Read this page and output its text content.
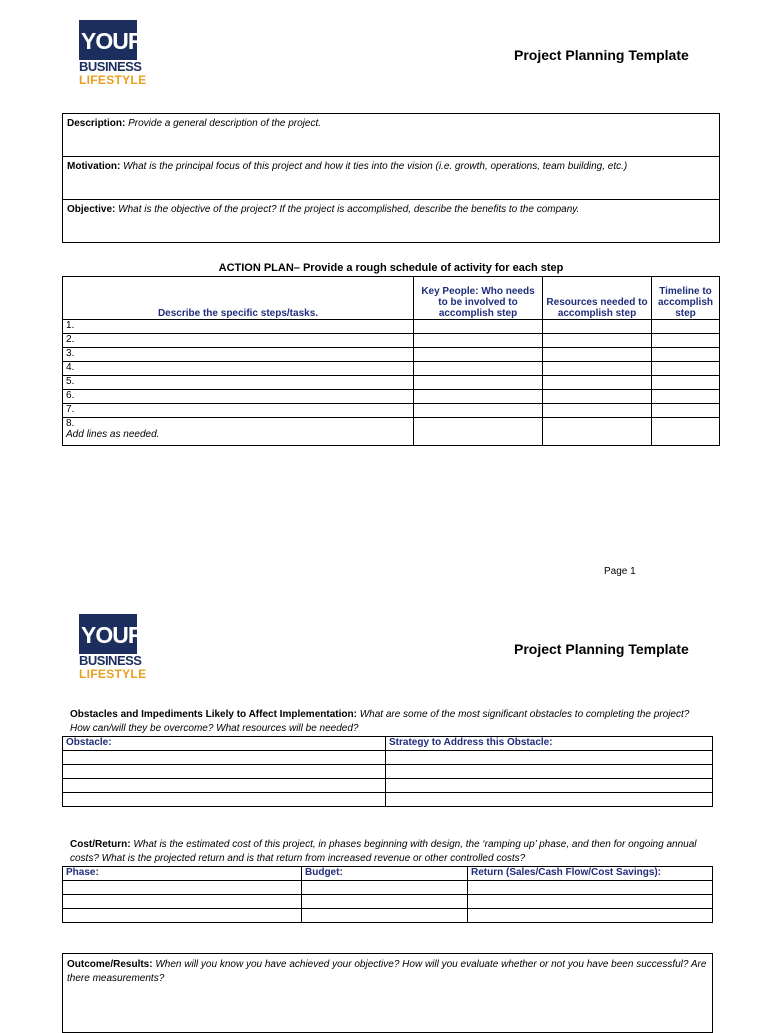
YOUR
BUSINESS
LIFESTYLE
Project Planning Template
Description: Provide a general description of the project.
Motivation: What is the principal focus of this project and how it ties into the vision (i.e. growth, operations, team building, etc.)
Objective: What is the objective of the project? If the project is accomplished, describe the benefits to the company.
ACTION PLAN– Provide a rough schedule of activity for each step
Describe the specific steps/tasks.	Key People: Who needs to be involved to accomplish step	Resources needed to accomplish step	Timeline to accomplish step
1.			
2.			
3.			
4.			
5.			
6.			
7.			

8.
Add lines as needed.			

Page 1
YOUR
BUSINESS
LIFESTYLE
Project Planning Template
Obstacles and Impediments Likely to Affect Implementation: What are some of the most significant obstacles to completing the project? How can/will they be overcome? What resources will be needed?
Obstacle:	Strategy to Address this Obstacle:

Cost/Return: What is the estimated cost of this project, in phases beginning with design, the ‘ramping up’ phase, and then for ongoing annual costs? What is the projected return and is that return from increased revenue or other controlled costs?
Phase:	Budget:	Return (Sales/Cash Flow/Cost Savings):

Outcome/Results: When will you know you have achieved your objective? How will you evaluate whether or not you have been successful? Are there measurements?
